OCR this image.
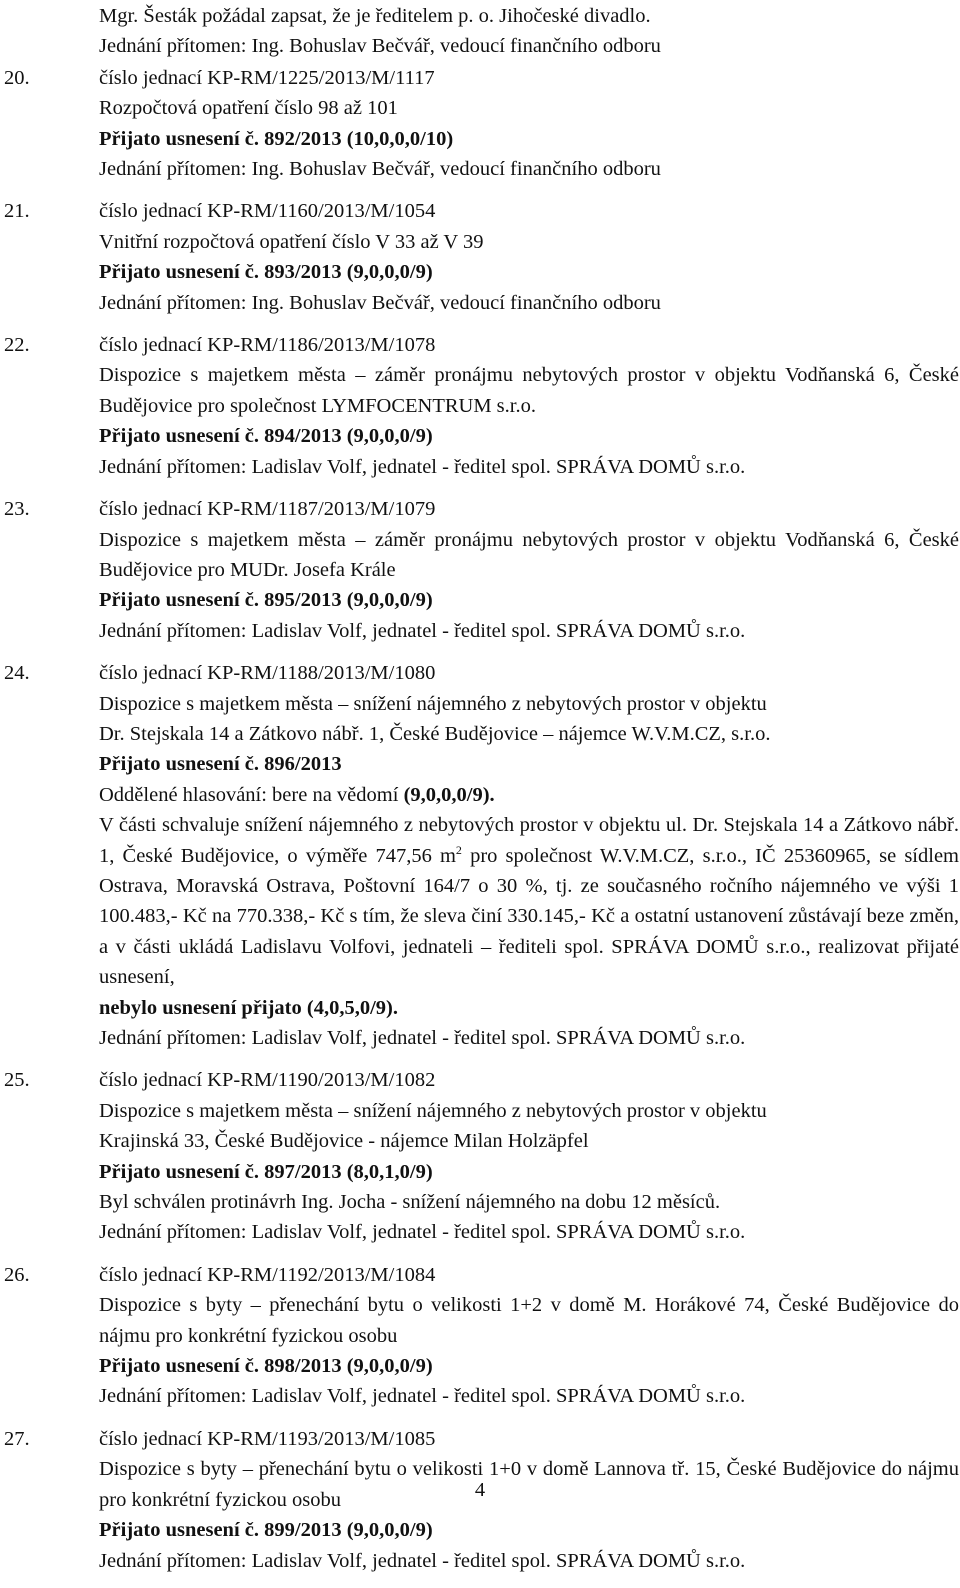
Mgr. Šesták požádal zapsat, že je ředitelem p. o. Jihočeské divadlo.
Jednání přítomen: Ing. Bohuslav Bečvář, vedoucí finančního odboru
20.	číslo jednací KP-RM/1225/2013/M/1117
Rozpočtová opatření číslo 98 až 101
Přijato usnesení č. 892/2013 (10,0,0,0/10)
Jednání přítomen: Ing. Bohuslav Bečvář, vedoucí finančního odboru
21.	číslo jednací KP-RM/1160/2013/M/1054
Vnitřní rozpočtová opatření číslo V 33 až V 39
Přijato usnesení č. 893/2013 (9,0,0,0/9)
Jednání přítomen: Ing. Bohuslav Bečvář, vedoucí finančního odboru
22.	číslo jednací KP-RM/1186/2013/M/1078
Dispozice s majetkem města – záměr pronájmu nebytových prostor v objektu Vodňanská 6, České Budějovice pro společnost LYMFOCENTRUM s.r.o.
Přijato usnesení č. 894/2013 (9,0,0,0/9)
Jednání přítomen: Ladislav Volf, jednatel - ředitel spol. SPRÁVA DOMŮ s.r.o.
23.	číslo jednací KP-RM/1187/2013/M/1079
Dispozice s majetkem města – záměr pronájmu nebytových prostor v objektu Vodňanská 6, České Budějovice pro MUDr. Josefa Krále
Přijato usnesení č. 895/2013 (9,0,0,0/9)
Jednání přítomen: Ladislav Volf, jednatel - ředitel spol. SPRÁVA DOMŮ s.r.o.
24.	číslo jednací KP-RM/1188/2013/M/1080
Dispozice s majetkem města – snížení nájemného z nebytových prostor v objektu
Dr. Stejskala 14 a Zátkovo nábř. 1, České Budějovice – nájemce W.V.M.CZ, s.r.o.
Přijato usnesení č. 896/2013
Oddělené hlasování: bere na vědomí (9,0,0,0/9).
V části schvaluje snížení nájemného z nebytových prostor v objektu ul. Dr. Stejskala 14 a Zátkovo nábř. 1, České Budějovice, o výměře 747,56 $m^2$ pro společnost W.V.M.CZ, s.r.o., IČ 25360965, se sídlem Ostrava, Moravská Ostrava, Poštovní 164/7 o 30 %, tj. ze současného ročního nájemného ve výši 1 100.483,- Kč na 770.338,- Kč s tím, že sleva činí 330.145,- Kč a ostatní ustanovení zůstávají beze změn, a v části ukládá Ladislavu Volfovi, jednateli – řediteli spol. SPRÁVA DOMŮ s.r.o., realizovat přijaté usnesení,
nebylo usnesení přijato (4,0,5,0/9).
Jednání přítomen: Ladislav Volf, jednatel - ředitel spol. SPRÁVA DOMŮ s.r.o.
25.	číslo jednací KP-RM/1190/2013/M/1082
Dispozice s majetkem města – snížení nájemného z nebytových prostor v objektu
Krajinská 33, České Budějovice - nájemce Milan Holzäpfel
Přijato usnesení č. 897/2013 (8,0,1,0/9)
Byl schválen protinávrh Ing. Jocha - snížení nájemného na dobu 12 měsíců.
Jednání přítomen: Ladislav Volf, jednatel - ředitel spol. SPRÁVA DOMŮ s.r.o.
26.	číslo jednací KP-RM/1192/2013/M/1084
Dispozice s byty – přenechání bytu o velikosti 1+2 v domě M. Horákové 74, České Budějovice do nájmu pro konkrétní fyzickou osobu
Přijato usnesení č. 898/2013 (9,0,0,0/9)
Jednání přítomen: Ladislav Volf, jednatel - ředitel spol. SPRÁVA DOMŮ s.r.o.
27.	číslo jednací KP-RM/1193/2013/M/1085
Dispozice s byty – přenechání bytu o velikosti 1+0 v domě Lannova tř. 15, České Budějovice do nájmu pro konkrétní fyzickou osobu
Přijato usnesení č. 899/2013 (9,0,0,0/9)
Jednání přítomen: Ladislav Volf, jednatel - ředitel spol. SPRÁVA DOMŮ s.r.o.
4
